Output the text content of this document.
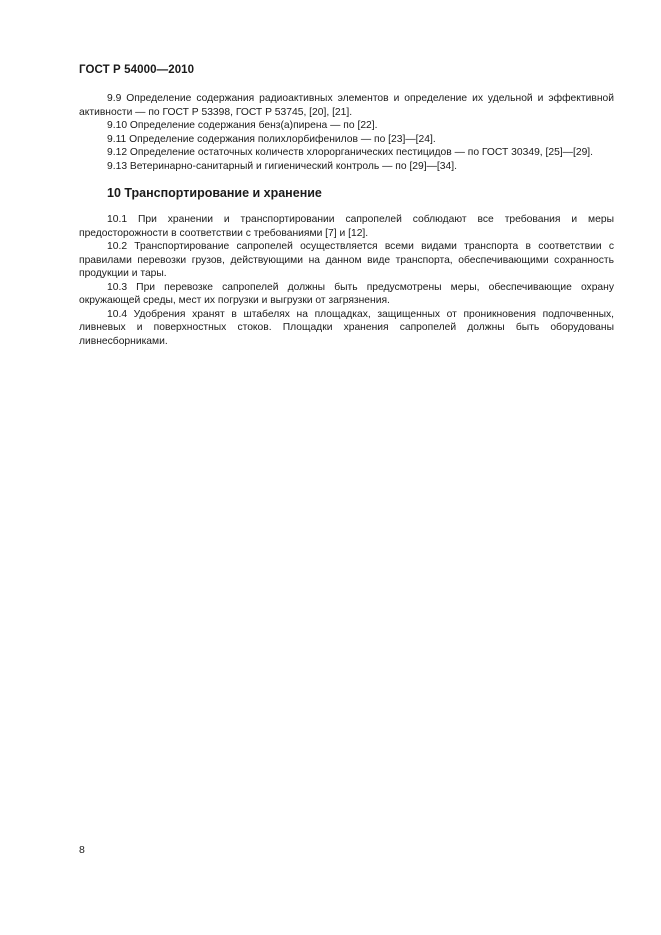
ГОСТ Р 54000—2010

9.9 Определение содержания радиоактивных элементов и определение их удельной и эффективной активности — по ГОСТ Р 53398, ГОСТ Р 53745, [20], [21].

9.10 Определение содержания бенз(а)пирена — по [22].

9.11 Определение содержания полихлорбифенилов — по [23]—[24].

9.12 Определение остаточных количеств хлорорганических пестицидов — по ГОСТ 30349, [25]—[29].

9.13 Ветеринарно-санитарный и гигиенический контроль — по [29]—[34].

10 Транспортирование и хранение

10.1 При хранении и транспортировании сапропелей соблюдают все требования и меры предосторожности в соответствии с требованиями [7] и [12].

10.2 Транспортирование сапропелей осуществляется всеми видами транспорта в соответствии с правилами перевозки грузов, действующими на данном виде транспорта, обеспечивающими сохранность продукции и тары.

10.3 При перевозке сапропелей должны быть предусмотрены меры, обеспечивающие охрану окружающей среды, мест их погрузки и выгрузки от загрязнения.

10.4 Удобрения хранят в штабелях на площадках, защищенных от проникновения подпочвенных, ливневых и поверхностных стоков. Площадки хранения сапропелей должны быть оборудованы ливнесборниками.

8
